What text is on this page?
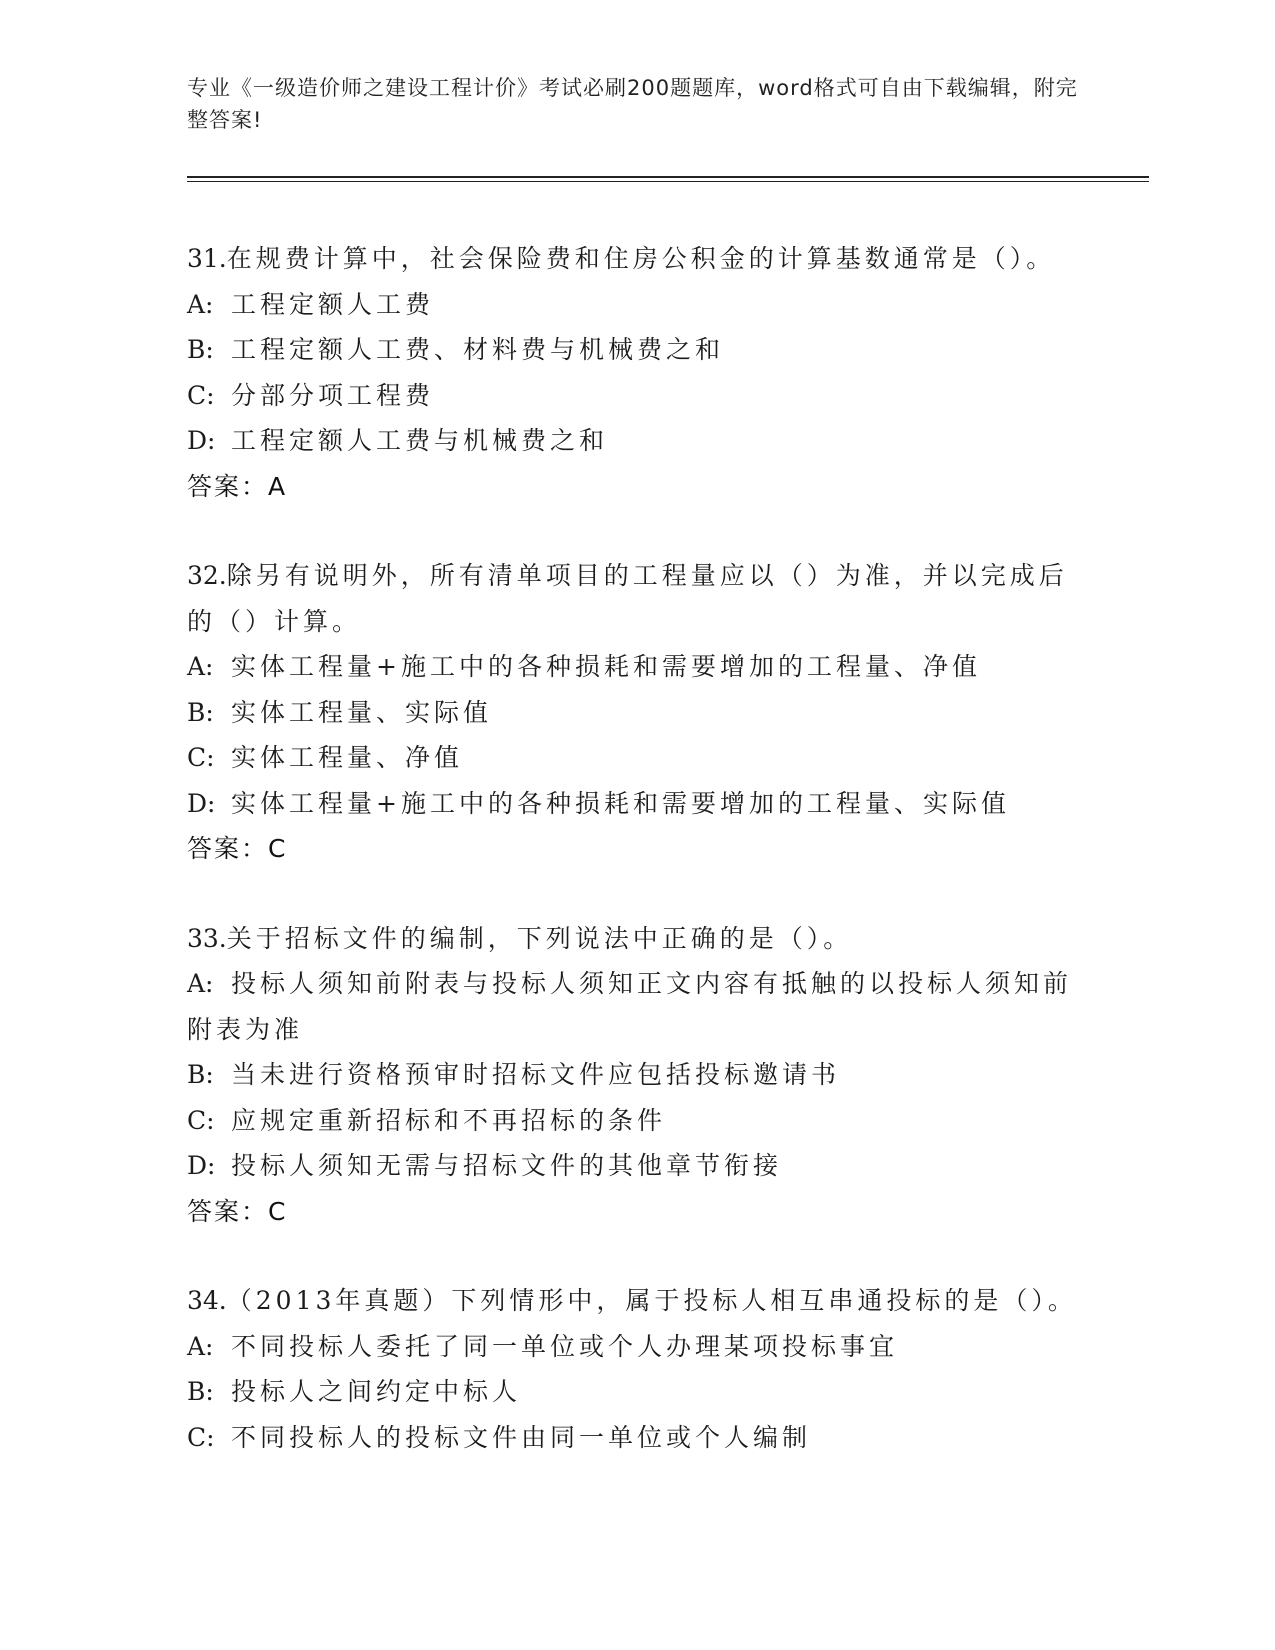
专业《一级造价师之建设工程计价》考试必刷200题题库，word格式可自由下载编辑，附完整答案!
31.在规费计算中，社会保险费和住房公积金的计算基数通常是（）。
A: 工程定额人工费
B: 工程定额人工费、材料费与机械费之和
C: 分部分项工程费
D: 工程定额人工费与机械费之和
答案：A
32.除另有说明外，所有清单项目的工程量应以（）为准，并以完成后的（）计算。
A: 实体工程量+施工中的各种损耗和需要增加的工程量、净值
B: 实体工程量、实际值
C: 实体工程量、净值
D: 实体工程量+施工中的各种损耗和需要增加的工程量、实际值
答案：C
33.关于招标文件的编制，下列说法中正确的是（）。
A: 投标人须知前附表与投标人须知正文内容有抵触的以投标人须知前附表为准
B: 当未进行资格预审时招标文件应包括投标邀请书
C: 应规定重新招标和不再招标的条件
D: 投标人须知无需与招标文件的其他章节衔接
答案：C
34.（2013年真题）下列情形中，属于投标人相互串通投标的是（）。
A: 不同投标人委托了同一单位或个人办理某项投标事宜
B: 投标人之间约定中标人
C: 不同投标人的投标文件由同一单位或个人编制
